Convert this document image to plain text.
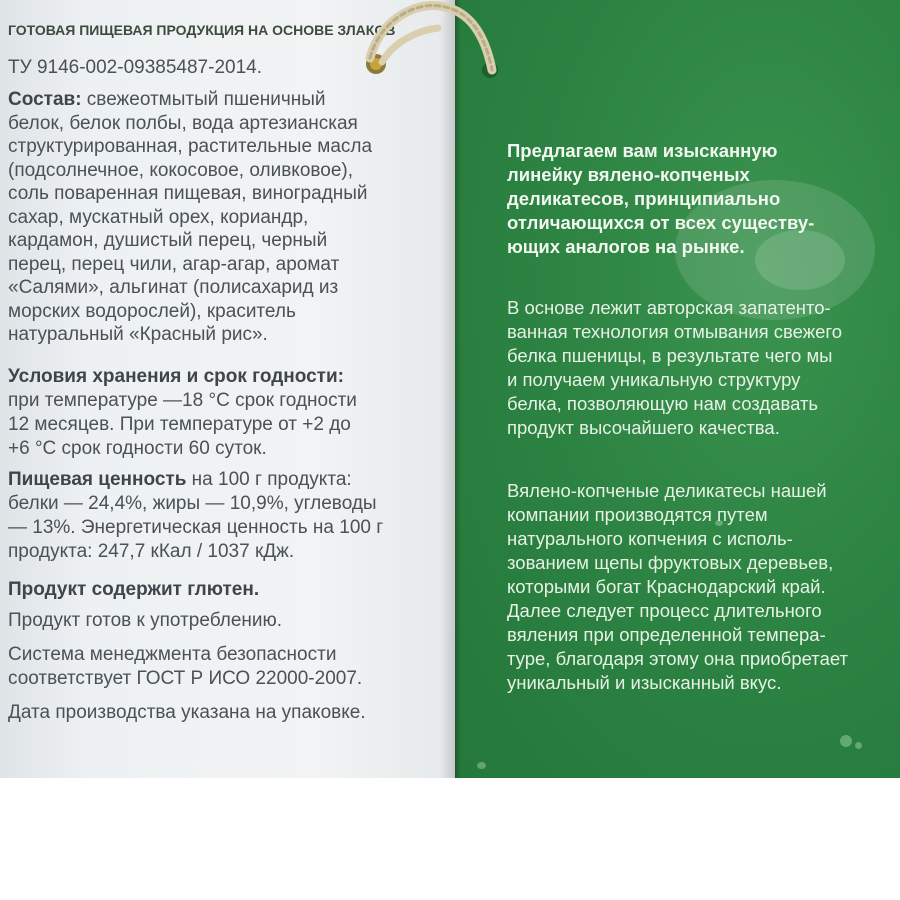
ГОТОВАЯ ПИЩЕВАЯ ПРОДУКЦИЯ НА ОСНОВЕ ЗЛАКОВ
ТУ 9146-002-09385487-2014.
Состав: свежеотмытый пшеничный
белок, белок полбы, вода артезианская
структурированная, растительные масла
(подсолнечное, кокосовое, оливковое),
соль поваренная пищевая, виноградный
сахар, мускатный орех, кориандр,
кардамон, душистый перец, черный
перец, перец чили, агар-агар, аромат
«Салями», альгинат (полисахарид из
морских водорослей), краситель
натуральный «Красный рис».
Условия хранения и срок годности:
при температуре —18 °С срок годности
12 месяцев. При температуре от +2 до
+6 °С срок годности 60 суток.
Пищевая ценность на 100 г продукта:
белки — 24,4%, жиры — 10,9%, углеводы
— 13%. Энергетическая ценность на 100 г
продукта: 247,7 кКал / 1037 кДж.
Продукт содержит глютен.
Продукт готов к употреблению.
Система менеджмента безопасности
соответствует ГОСТ Р ИСО 22000-2007.
Дата производства указана на упаковке.
Предлагаем вам изысканную
линейку вялено-копченых
деликатесов, принципиально
отличающихся от всех существу-
ющих аналогов на рынке.
В основе лежит авторская запатенто-
ванная технология отмывания свежего
белка пшеницы, в результате чего мы
и получаем уникальную структуру
белка, позволяющую нам создавать
продукт высочайшего качества.
Вялено-копченые деликатесы нашей
компании производятся путем
натурального копчения с исполь-
зованием щепы фруктовых деревьев,
которыми богат Краснодарский край.
Далее следует процесс длительного
вяления при определенной темпера-
туре, благодаря этому она приобретает
уникальный и изысканный вкус.
